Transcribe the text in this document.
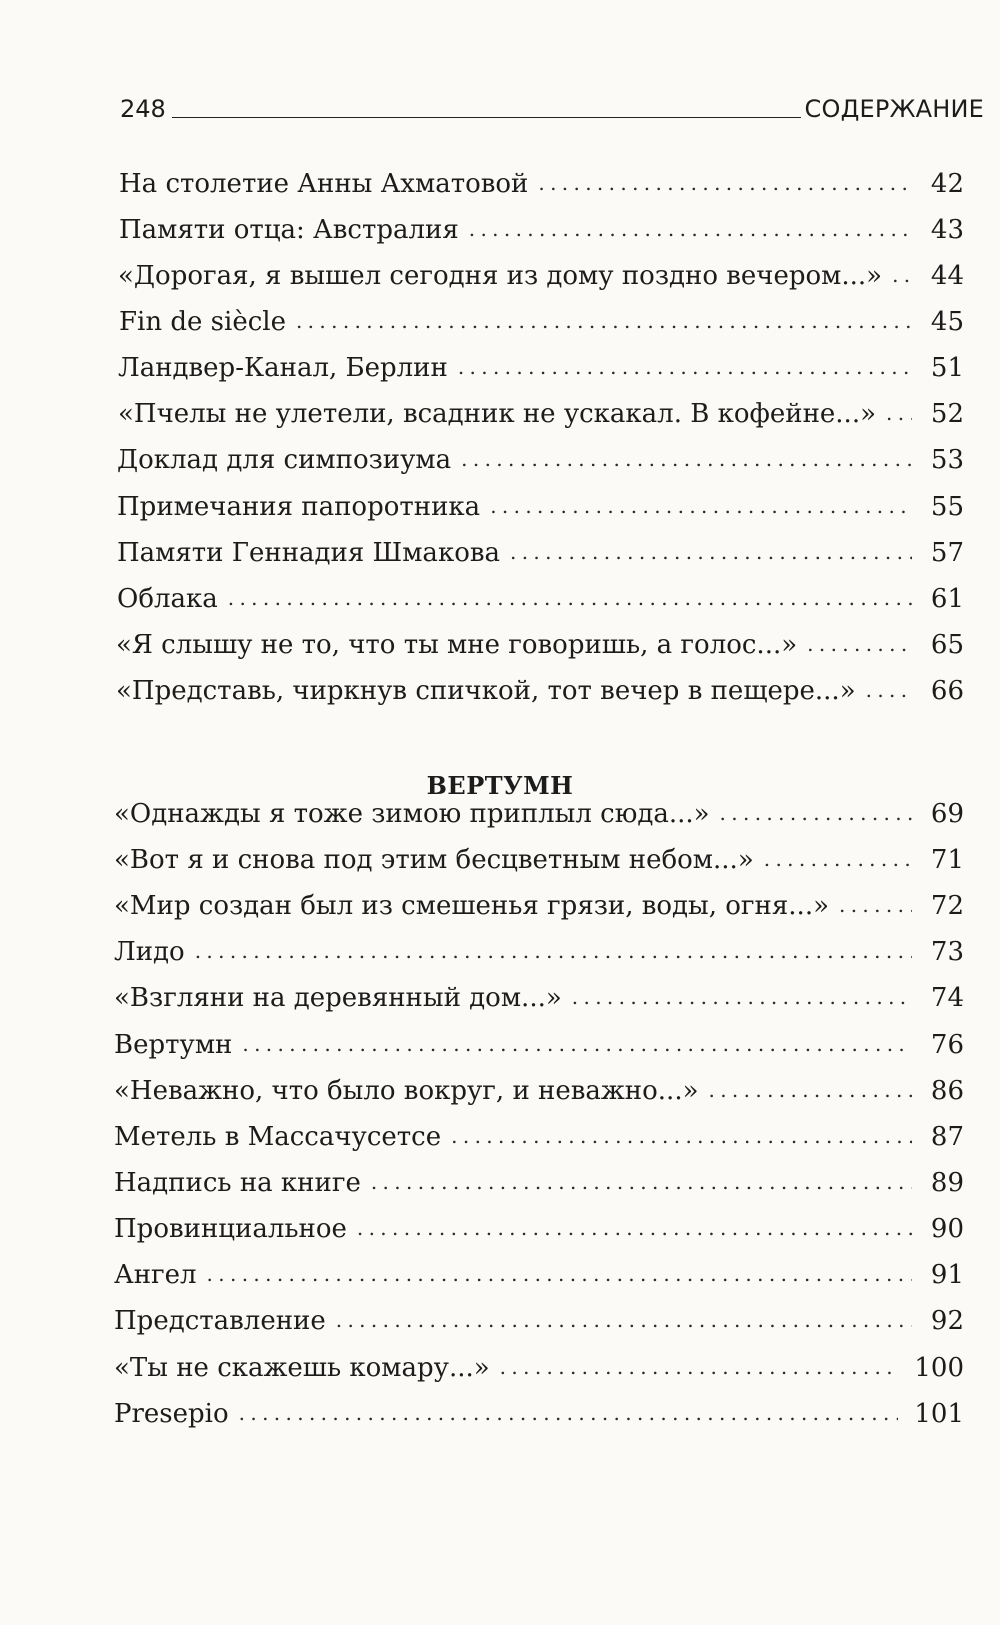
248	СОДЕРЖАНИЕ
На столетие Анны Ахматовой . . .	42
Памяти отца: Австралия . . .	43
«Дорогая, я вышел сегодня из дому поздно вечером...» . . .	44
Fin de siècle . . .	45
Ландвер-Канал, Берлин . . .	51
«Пчелы не улетели, всадник не ускакал. В кофейне...» . . .	52
Доклад для симпозиума . . .	53
Примечания папоротника . . .	55
Памяти Геннадия Шмакова . . .	57
Облака . . .	61
«Я слышу не то, что ты мне говоришь, а голос...» . . .	65
«Представь, чиркнув спичкой, тот вечер в пещере...» . . .	66
ВЕРТУМН
«Однажды я тоже зимою приплыл сюда...» . . .	69
«Вот я и снова под этим бесцветным небом...» . . .	71
«Мир создан был из смешенья грязи, воды, огня...» . . .	72
Лидо . . .	73
«Взгляни на деревянный дом...» . . .	74
Вертумн . . .	76
«Неважно, что было вокруг, и неважно...» . . .	86
Метель в Массачусетсе . . .	87
Надпись на книге . . .	89
Провинциальное . . .	90
Ангел . . .	91
Представление . . .	92
«Ты не скажешь комару...» . . .	100
Presepio . . .	101
